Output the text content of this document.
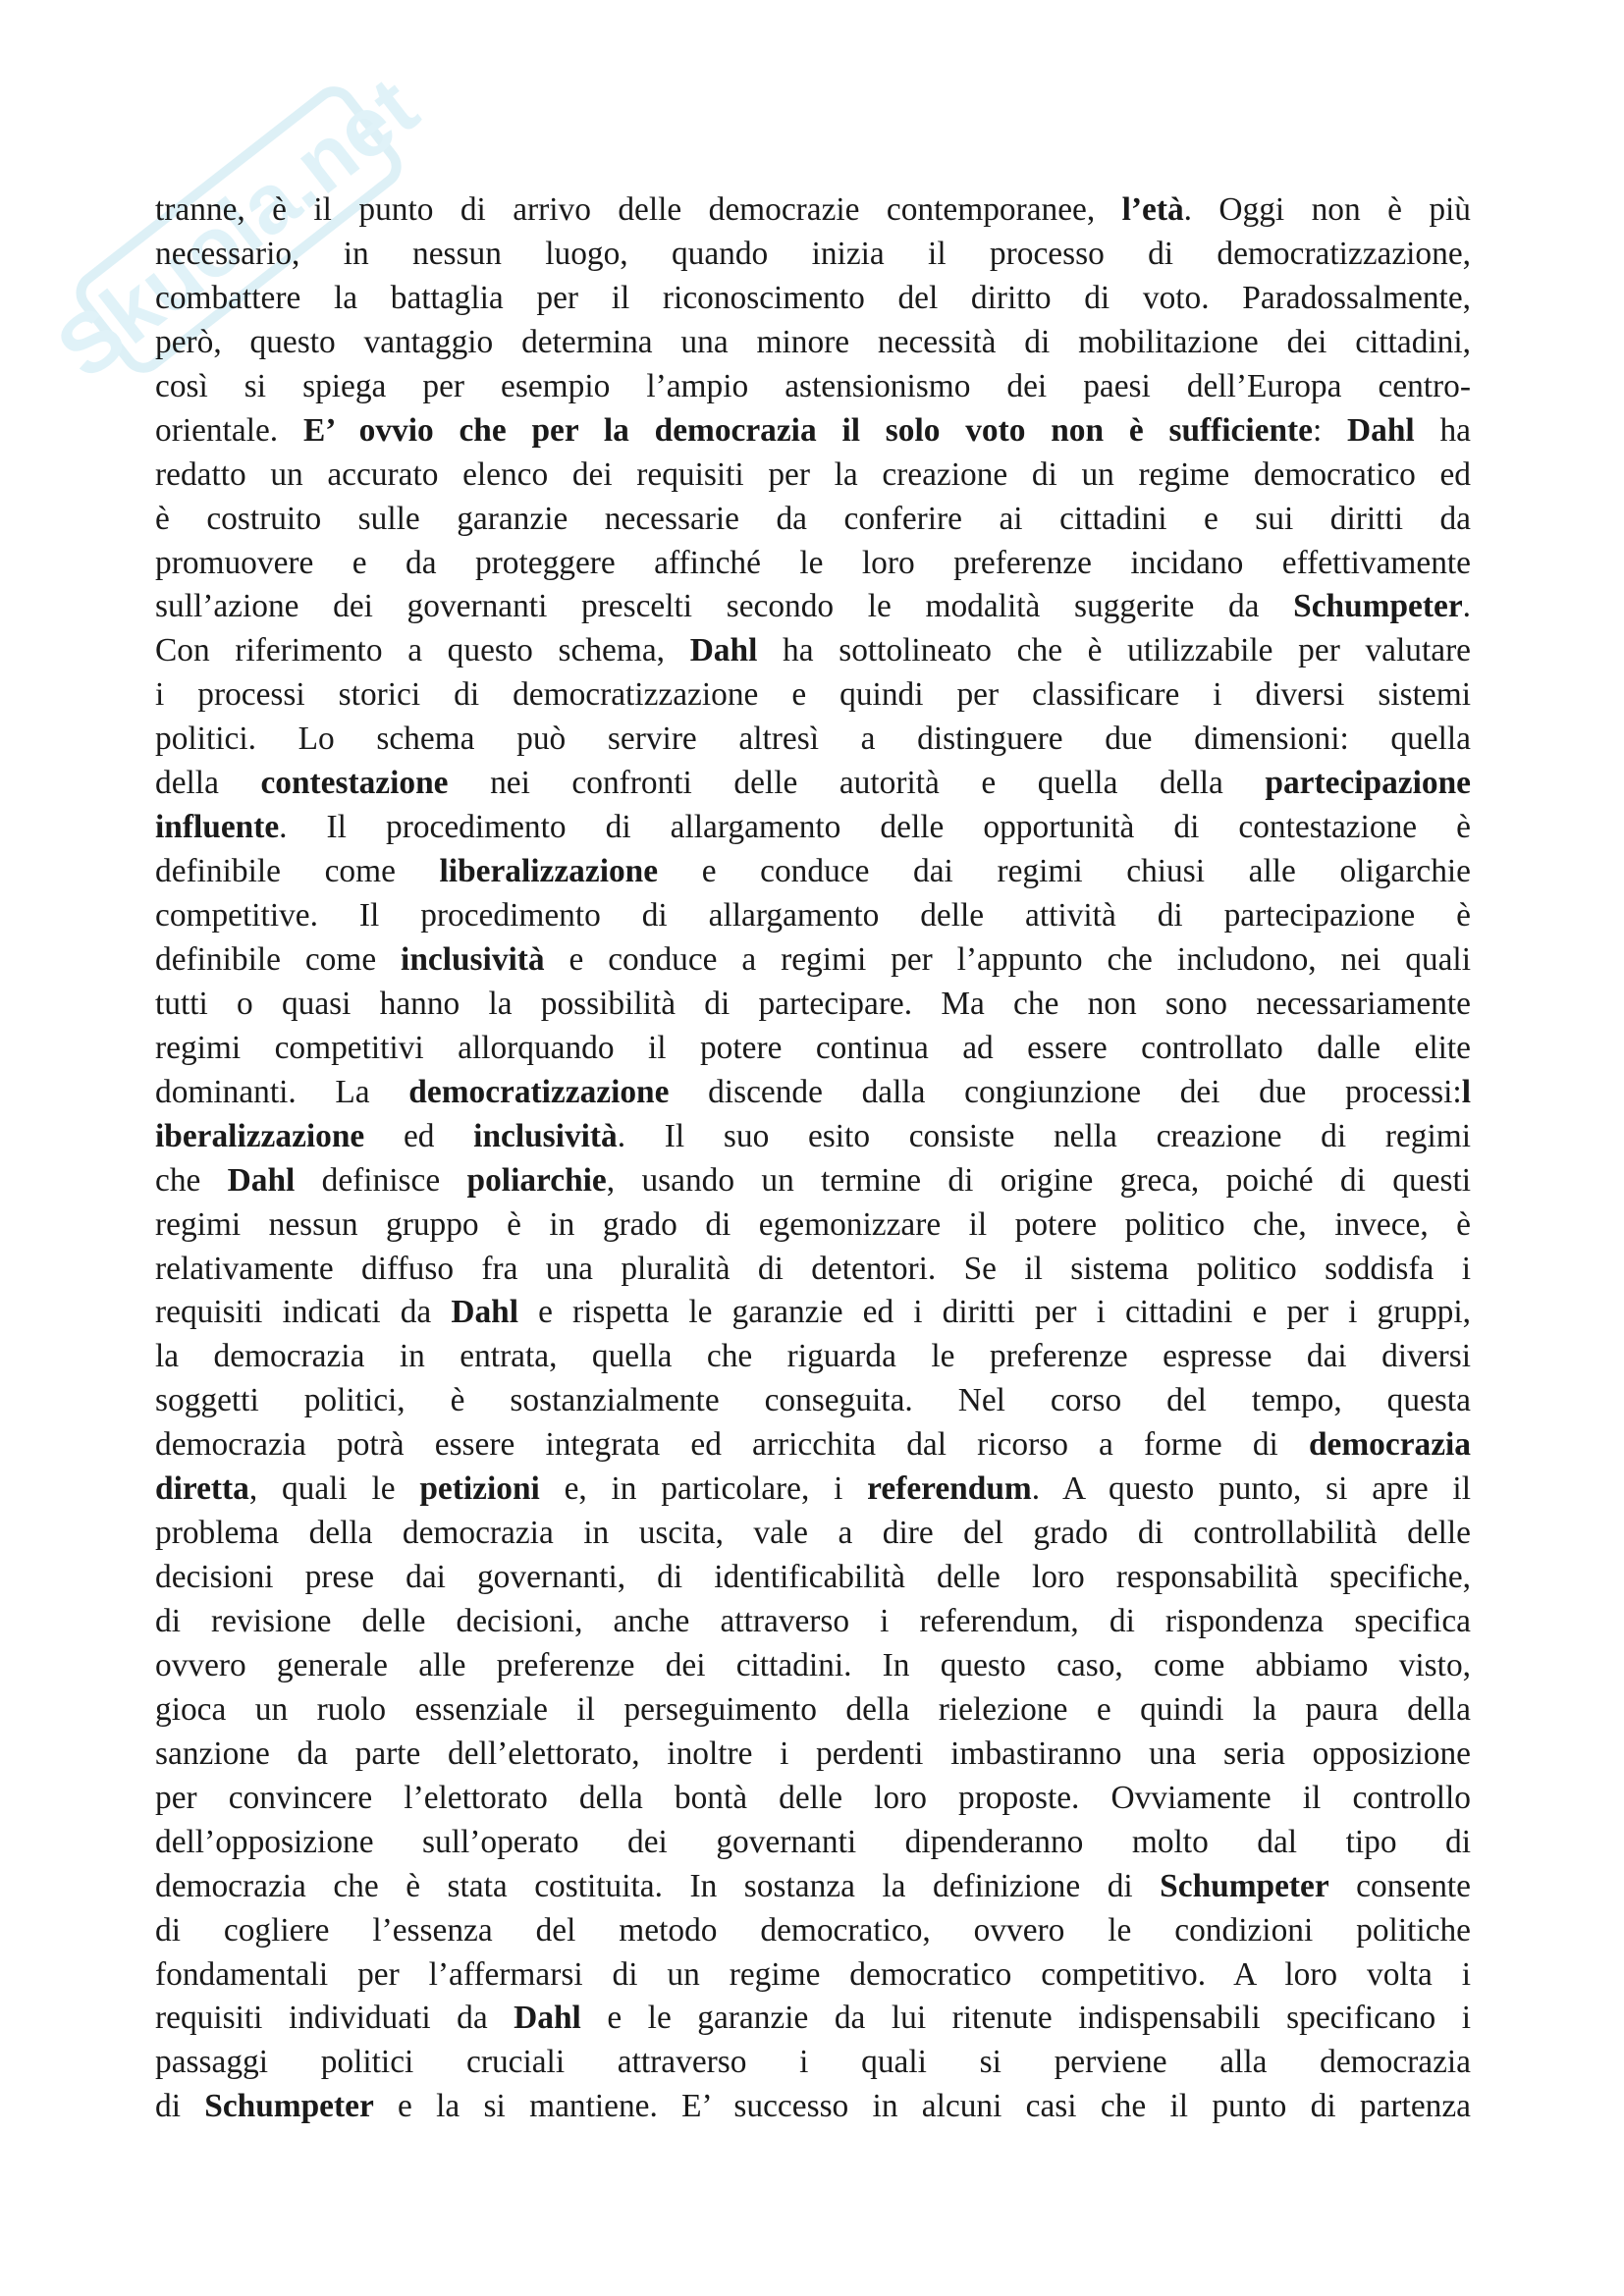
Skuola.net
tranne, è il punto di arrivo delle democrazie contemporanee, l’età. Oggi non è più
necessario, in nessun luogo, quando inizia il processo di democratizzazione,
combattere la battaglia per il riconoscimento del diritto di voto. Paradossalmente,
però, questo vantaggio determina una minore necessità di mobilitazione dei cittadini,
così si spiega per esempio l’ampio astensionismo dei paesi dell’Europa centro-
orientale. E’ ovvio che per la democrazia il solo voto non è sufficiente: Dahl ha
redatto un accurato elenco dei requisiti per la creazione di un regime democratico ed
è costruito sulle garanzie necessarie da conferire ai cittadini e sui diritti da
promuovere e da proteggere affinché le loro preferenze incidano effettivamente
sull’azione dei governanti prescelti secondo le modalità suggerite da Schumpeter.
Con riferimento a questo schema, Dahl ha sottolineato che è utilizzabile per valutare
i processi storici di democratizzazione e quindi per classificare i diversi sistemi
politici. Lo schema può servire altresì a distinguere due dimensioni: quella
della contestazione nei confronti delle autorità e quella della partecipazione
influente. Il procedimento di allargamento delle opportunità di contestazione è
definibile come liberalizzazione e conduce dai regimi chiusi alle oligarchie
competitive. Il procedimento di allargamento delle attività di partecipazione è
definibile come inclusività e conduce a regimi per l’appunto che includono, nei quali
tutti o quasi hanno la possibilità di partecipare. Ma che non sono necessariamente
regimi competitivi allorquando il potere continua ad essere controllato dalle elite
dominanti. La democratizzazione discende dalla congiunzione dei due processi:l
iberalizzazione ed inclusività. Il suo esito consiste nella creazione di regimi
che Dahl definisce poliarchie, usando un termine di origine greca, poiché di questi
regimi nessun gruppo è in grado di egemonizzare il potere politico che, invece, è
relativamente diffuso fra una pluralità di detentori. Se il sistema politico soddisfa i
requisiti indicati da Dahl e rispetta le garanzie ed i diritti per i cittadini e per i gruppi,
la democrazia in entrata, quella che riguarda le preferenze espresse dai diversi
soggetti politici, è sostanzialmente conseguita. Nel corso del tempo, questa
democrazia potrà essere integrata ed arricchita dal ricorso a forme di democrazia
diretta, quali le petizioni e, in particolare, i referendum. A questo punto, si apre il
problema della democrazia in uscita, vale a dire del grado di controllabilità delle
decisioni prese dai governanti, di identificabilità delle loro responsabilità specifiche,
di revisione delle decisioni, anche attraverso i referendum, di rispondenza specifica
ovvero generale alle preferenze dei cittadini. In questo caso, come abbiamo visto,
gioca un ruolo essenziale il perseguimento della rielezione e quindi la paura della
sanzione da parte dell’elettorato, inoltre i perdenti imbastiranno una seria opposizione
per convincere l’elettorato della bontà delle loro proposte. Ovviamente il controllo
dell’opposizione sull’operato dei governanti dipenderanno molto dal tipo di
democrazia che è stata costituita. In sostanza la definizione di Schumpeter consente
di cogliere l’essenza del metodo democratico, ovvero le condizioni politiche
fondamentali per l’affermarsi di un regime democratico competitivo. A loro volta i
requisiti individuati da Dahl e le garanzie da lui ritenute indispensabili specificano i
passaggi politici cruciali attraverso i quali si perviene alla democrazia
di Schumpeter e la si mantiene. E’ successo in alcuni casi che il punto di partenza
